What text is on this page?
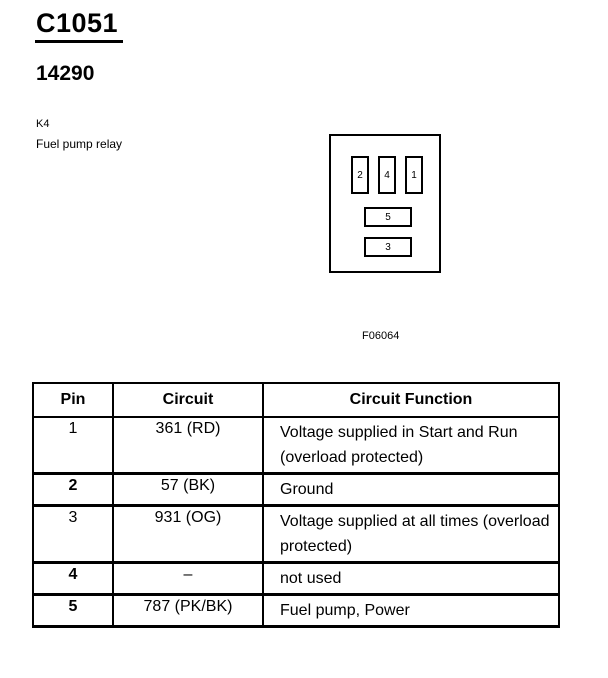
C1051
14290
K4
Fuel pump relay
2	4	1
5
3
F06064
Pin	Circuit	Circuit Function
1	361 (RD)	Voltage supplied in Start and Run (overload protected)
2	57 (BK)	Ground
3	931 (OG)	Voltage supplied at all times (overload protected)
4	–	not used
5	787 (PK/BK)	Fuel pump, Power
